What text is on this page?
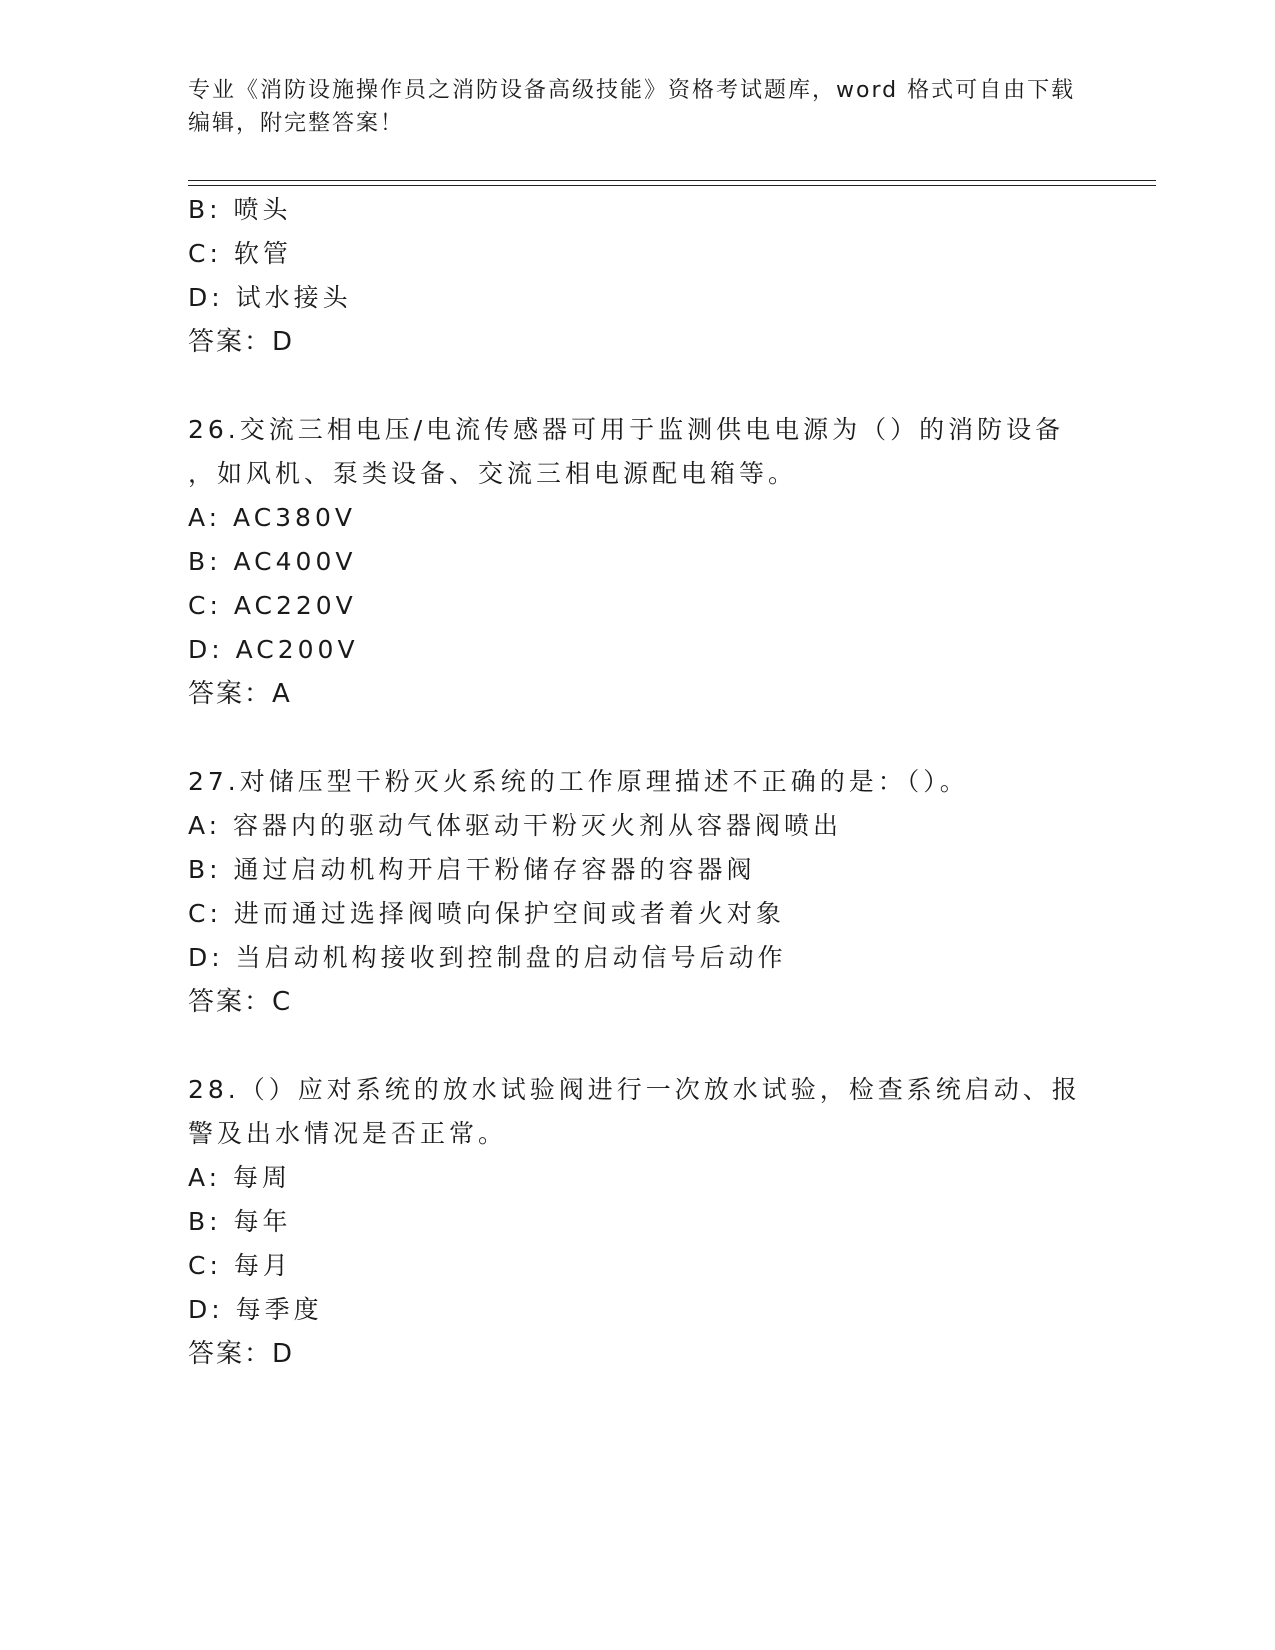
专业《消防设施操作员之消防设备高级技能》资格考试题库，word 格式可自由下载编辑，附完整答案！
B: 喷头
C: 软管
D: 试水接头
答案：D
26.交流三相电压/电流传感器可用于监测供电电源为（）的消防设备
，如风机、泵类设备、交流三相电源配电箱等。
A: AC380V
B: AC400V
C: AC220V
D: AC200V
答案：A
27.对储压型干粉灭火系统的工作原理描述不正确的是：（）。
A: 容器内的驱动气体驱动干粉灭火剂从容器阀喷出
B: 通过启动机构开启干粉储存容器的容器阀
C: 进而通过选择阀喷向保护空间或者着火对象
D: 当启动机构接收到控制盘的启动信号后动作
答案：C
28.（）应对系统的放水试验阀进行一次放水试验，检查系统启动、报
警及出水情况是否正常。
A: 每周
B: 每年
C: 每月
D: 每季度
答案：D
